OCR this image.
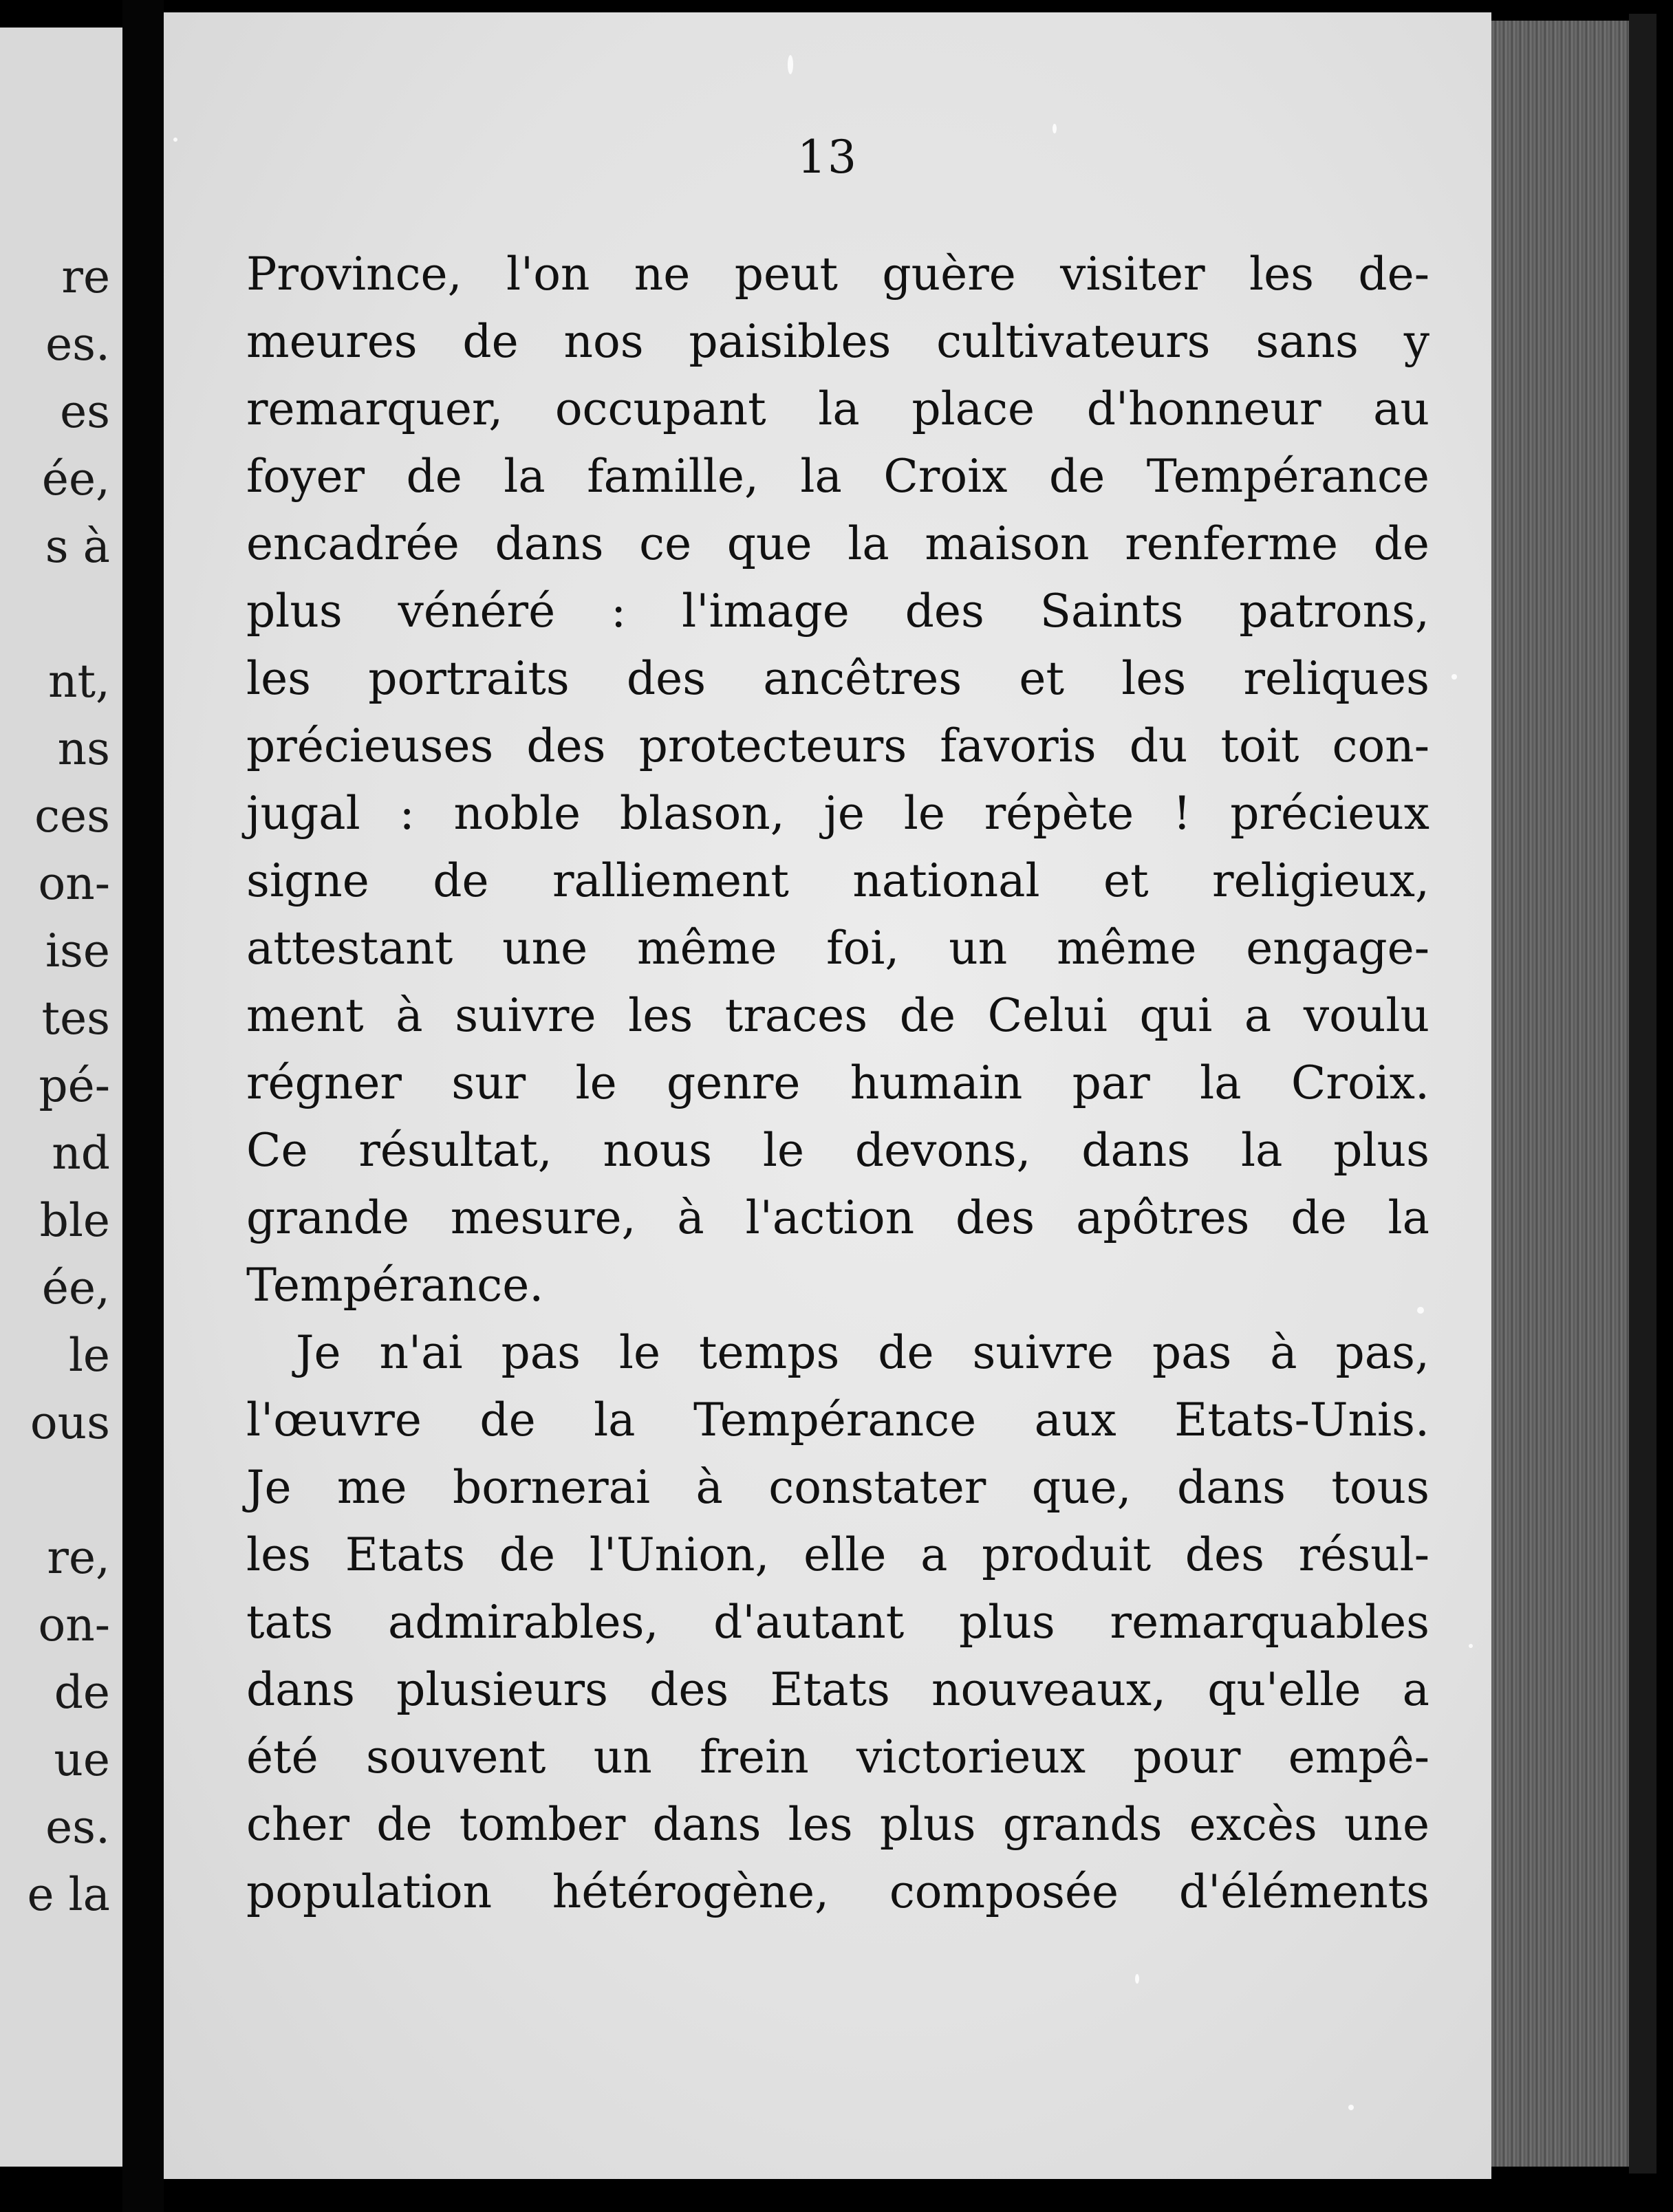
re
es.
es
ée,
s à
nt,
ns
ces
on-
ise
tes
pé-
nd
ble
ée,
le
ous
re,
on-
de
ue
es.
e la
13
Province, l'on ne peut guère visiter les de-
meures de nos paisibles cultivateurs sans y
remarquer, occupant la place d'honneur au
foyer de la famille, la Croix de Tempérance
encadrée dans ce que la maison renferme de
plus vénéré : l'image des Saints patrons,
les portraits des ancêtres et les reliques
précieuses des protecteurs favoris du toit con-
jugal : noble blason, je le répète ! précieux
signe de ralliement national et religieux,
attestant une même foi, un même engage-
ment à suivre les traces de Celui qui a voulu
régner sur le genre humain par la Croix.
Ce résultat, nous le devons, dans la plus
grande mesure, à l'action des apôtres de la
Tempérance.
Je n'ai pas le temps de suivre pas à pas,
l'œuvre de la Tempérance aux Etats-Unis.
Je me bornerai à constater que, dans tous
les Etats de l'Union, elle a produit des résul-
tats admirables, d'autant plus remarquables
dans plusieurs des Etats nouveaux, qu'elle a
été souvent un frein victorieux pour empê-
cher de tomber dans les plus grands excès une
population hétérogène, composée d'éléments
